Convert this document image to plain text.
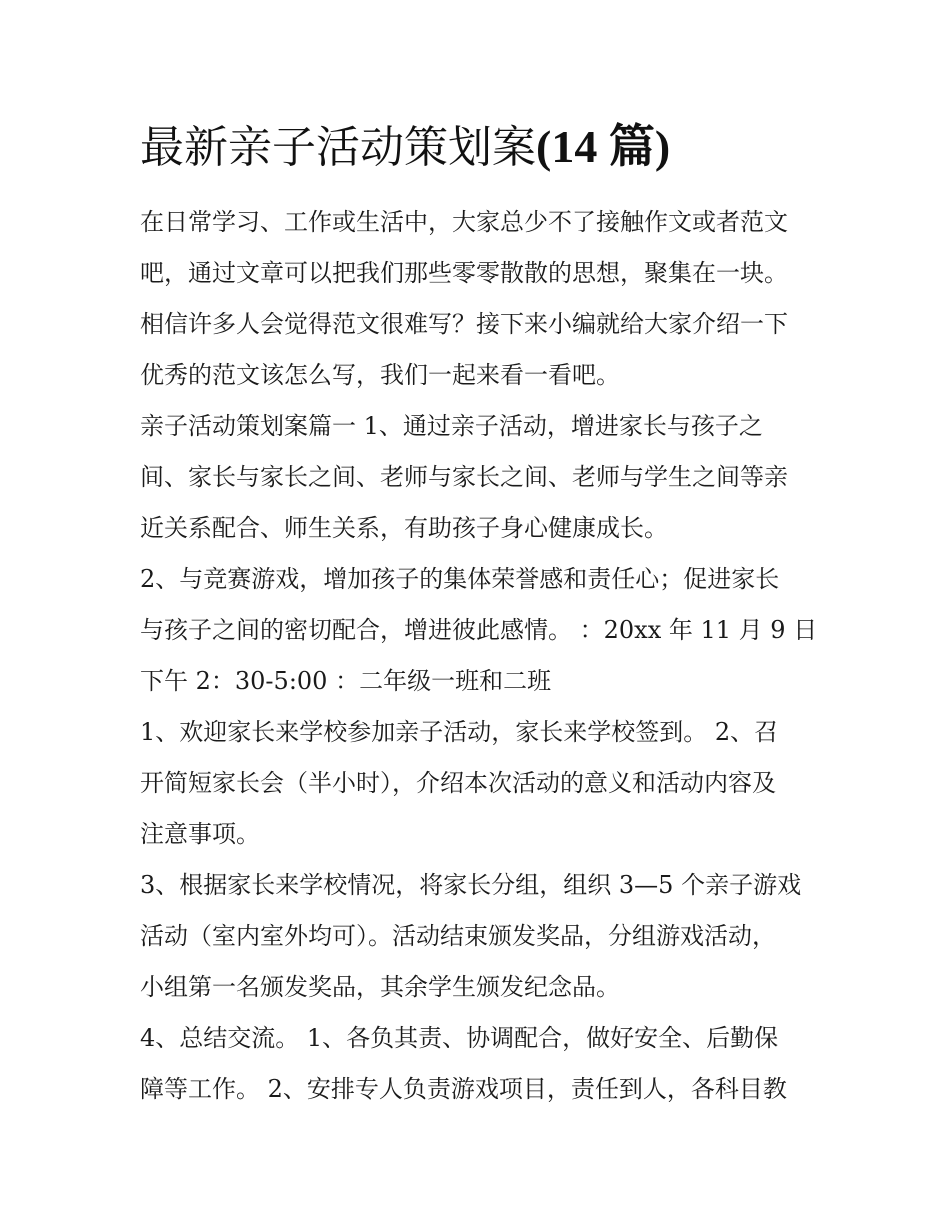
最新亲子活动策划案(14 篇)

在日常学习、工作或生活中，大家总少不了接触作文或者范文
吧，通过文章可以把我们那些零零散散的思想，聚集在一块。
相信许多人会觉得范文很难写？接下来小编就给大家介绍一下
优秀的范文该怎么写，我们一起来看一看吧。

亲子活动策划案篇一 1、通过亲子活动，增进家长与孩子之
间、家长与家长之间、老师与家长之间、老师与学生之间等亲
近关系配合、师生关系，有助孩子身心健康成长。

2、与竞赛游戏，增加孩子的集体荣誉感和责任心；促进家长
与孩子之间的密切配合，增进彼此感情。 ：20xx 年 11 月 9 日
下午 2：30-5:00 ：二年级一班和二班

1、欢迎家长来学校参加亲子活动，家长来学校签到。 2、召
开简短家长会（半小时），介绍本次活动的意义和活动内容及
注意事项。

3、根据家长来学校情况，将家长分组，组织 3—5 个亲子游戏
活动（室内室外均可）。活动结束颁发奖品，分组游戏活动，
小组第一名颁发奖品，其余学生颁发纪念品。

4、总结交流。 1、各负其责、协调配合，做好安全、后勤保
障等工作。 2、安排专人负责游戏项目，责任到人，各科目教
